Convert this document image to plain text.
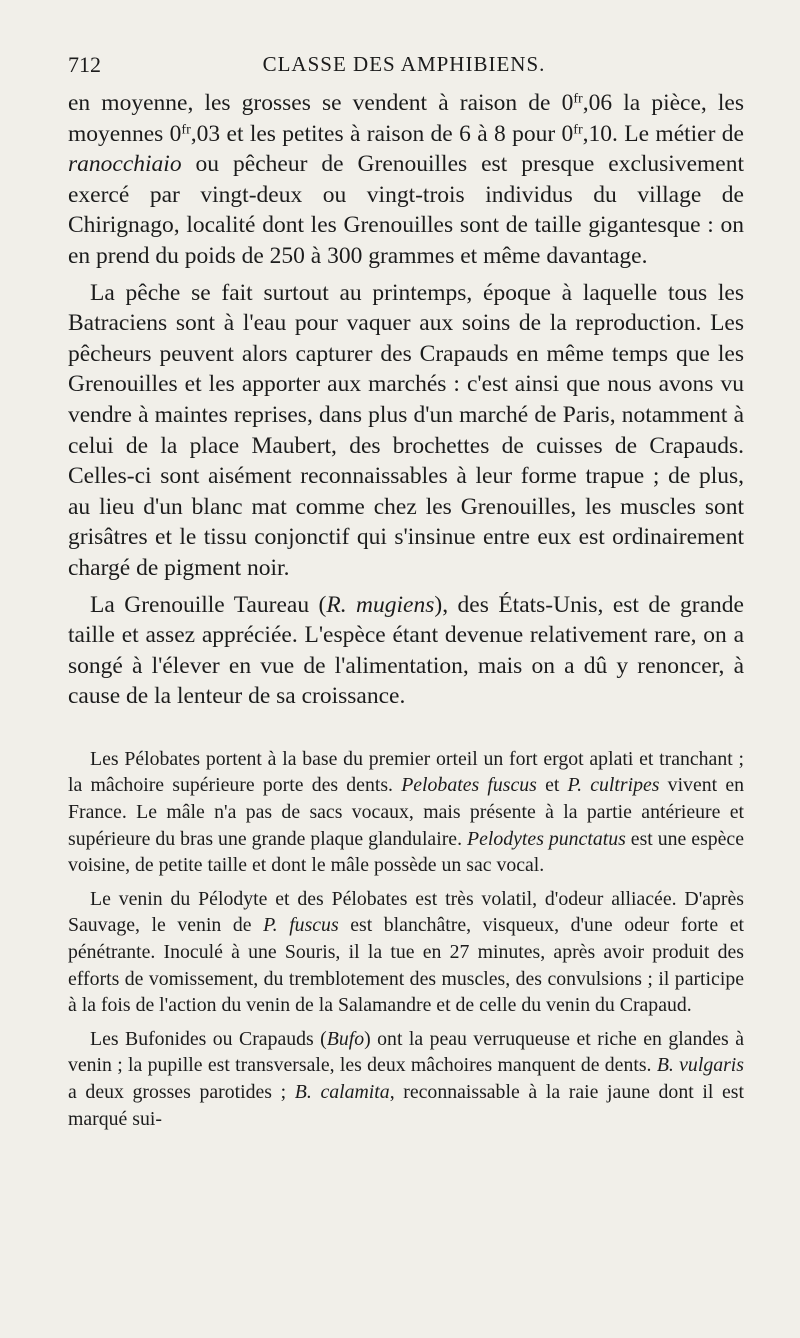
712	CLASSE DES AMPHIBIENS.

en moyenne, les grosses se vendent à raison de $0^{fr},06$ la pièce, les moyennes $0^{fr},03$ et les petites à raison de 6 à 8 pour $0^{fr},10$. Le métier de ranocchiaio ou pêcheur de Grenouilles est presque exclusivement exercé par vingt-deux ou vingt-trois individus du village de Chirignago, localité dont les Grenouilles sont de taille gigantesque : on en prend du poids de 250 à 300 grammes et même davantage.

La pêche se fait surtout au printemps, époque à laquelle tous les Batraciens sont à l'eau pour vaquer aux soins de la reproduction. Les pêcheurs peuvent alors capturer des Crapauds en même temps que les Grenouilles et les apporter aux marchés : c'est ainsi que nous avons vu vendre à maintes reprises, dans plus d'un marché de Paris, notamment à celui de la place Maubert, des brochettes de cuisses de Crapauds. Celles-ci sont aisément reconnaissables à leur forme trapue ; de plus, au lieu d'un blanc mat comme chez les Grenouilles, les muscles sont grisâtres et le tissu conjonctif qui s'insinue entre eux est ordinairement chargé de pigment noir.

La Grenouille Taureau (R. mugiens), des États-Unis, est de grande taille et assez appréciée. L'espèce étant devenue relativement rare, on a songé à l'élever en vue de l'alimentation, mais on a dû y renoncer, à cause de la lenteur de sa croissance.

Les Pélobates portent à la base du premier orteil un fort ergot aplati et tranchant ; la mâchoire supérieure porte des dents. Pelobates fuscus et P. cultripes vivent en France. Le mâle n'a pas de sacs vocaux, mais présente à la partie antérieure et supérieure du bras une grande plaque glandulaire. Pelodytes punctatus est une espèce voisine, de petite taille et dont le mâle possède un sac vocal.

Le venin du Pélodyte et des Pélobates est très volatil, d'odeur alliacée. D'après Sauvage, le venin de P. fuscus est blanchâtre, visqueux, d'une odeur forte et pénétrante. Inoculé à une Souris, il la tue en 27 minutes, après avoir produit des efforts de vomissement, du tremblotement des muscles, des convulsions ; il participe à la fois de l'action du venin de la Salamandre et de celle du venin du Crapaud.

Les Bufonides ou Crapauds (Bufo) ont la peau verruqueuse et riche en glandes à venin ; la pupille est transversale, les deux mâchoires manquent de dents. B. vulgaris a deux grosses parotides ; B. calamita, reconnaissable à la raie jaune dont il est marqué sui-
